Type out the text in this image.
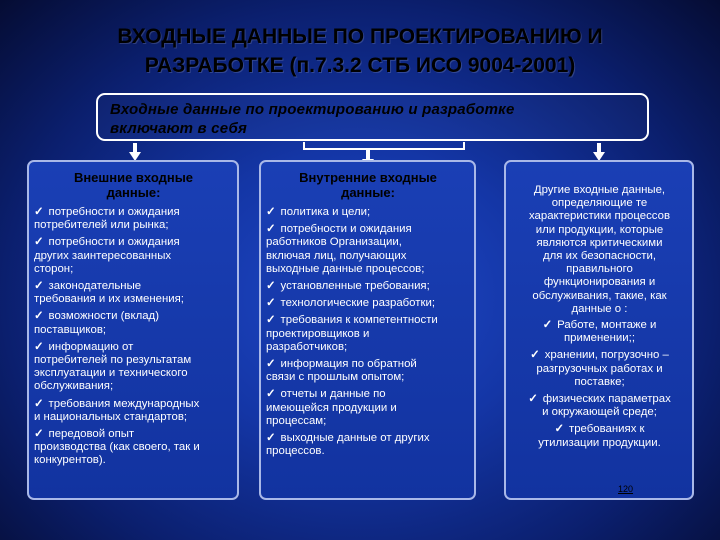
ВХОДНЫЕ ДАННЫЕ ПО ПРОЕКТИРОВАНИЮ И
РАЗРАБОТКЕ (п.7.3.2 СТБ ИСО 9004-2001)
Входные данные по проектированию и разработке
включают в себя
Внешние входные
данные:
✓ потребности и ожидания
потребителей или рынка;
✓ потребности и ожидания
других заинтересованных
сторон;
✓ законодательные
требования и их изменения;
✓ возможности (вклад)
поставщиков;
✓ информацию от
потребителей по результатам
эксплуатации и технического
обслуживания;
✓ требования международных
и национальных стандартов;
✓ передовой опыт
производства (как своего, так и
конкурентов).
Внутренние входные
данные:
✓ политика и цели;
✓ потребности и ожидания
работников Организации,
включая лиц, получающих
выходные данные процессов;
✓ установленные требования;
✓ технологические разработки;
✓ требования к компетентности
проектировщиков и
разработчиков;
✓ информация по обратной
связи с прошлым опытом;
✓ отчеты и данные по
имеющейся продукции и
процессам;
✓ выходные данные от других
процессов.
Другие входные данные,
определяющие те
характеристики процессов
или продукции, которые
являются критическими
для их безопасности,
правильного
функционирования и
обслуживания, такие, как
данные о :
✓ Работе, монтаже и
применении;;
✓ хранении, погрузочно –
разгрузочных работах и
поставке;
✓ физических параметрах
и окружающей среде;
✓ требованиях к
утилизации продукции.
120
